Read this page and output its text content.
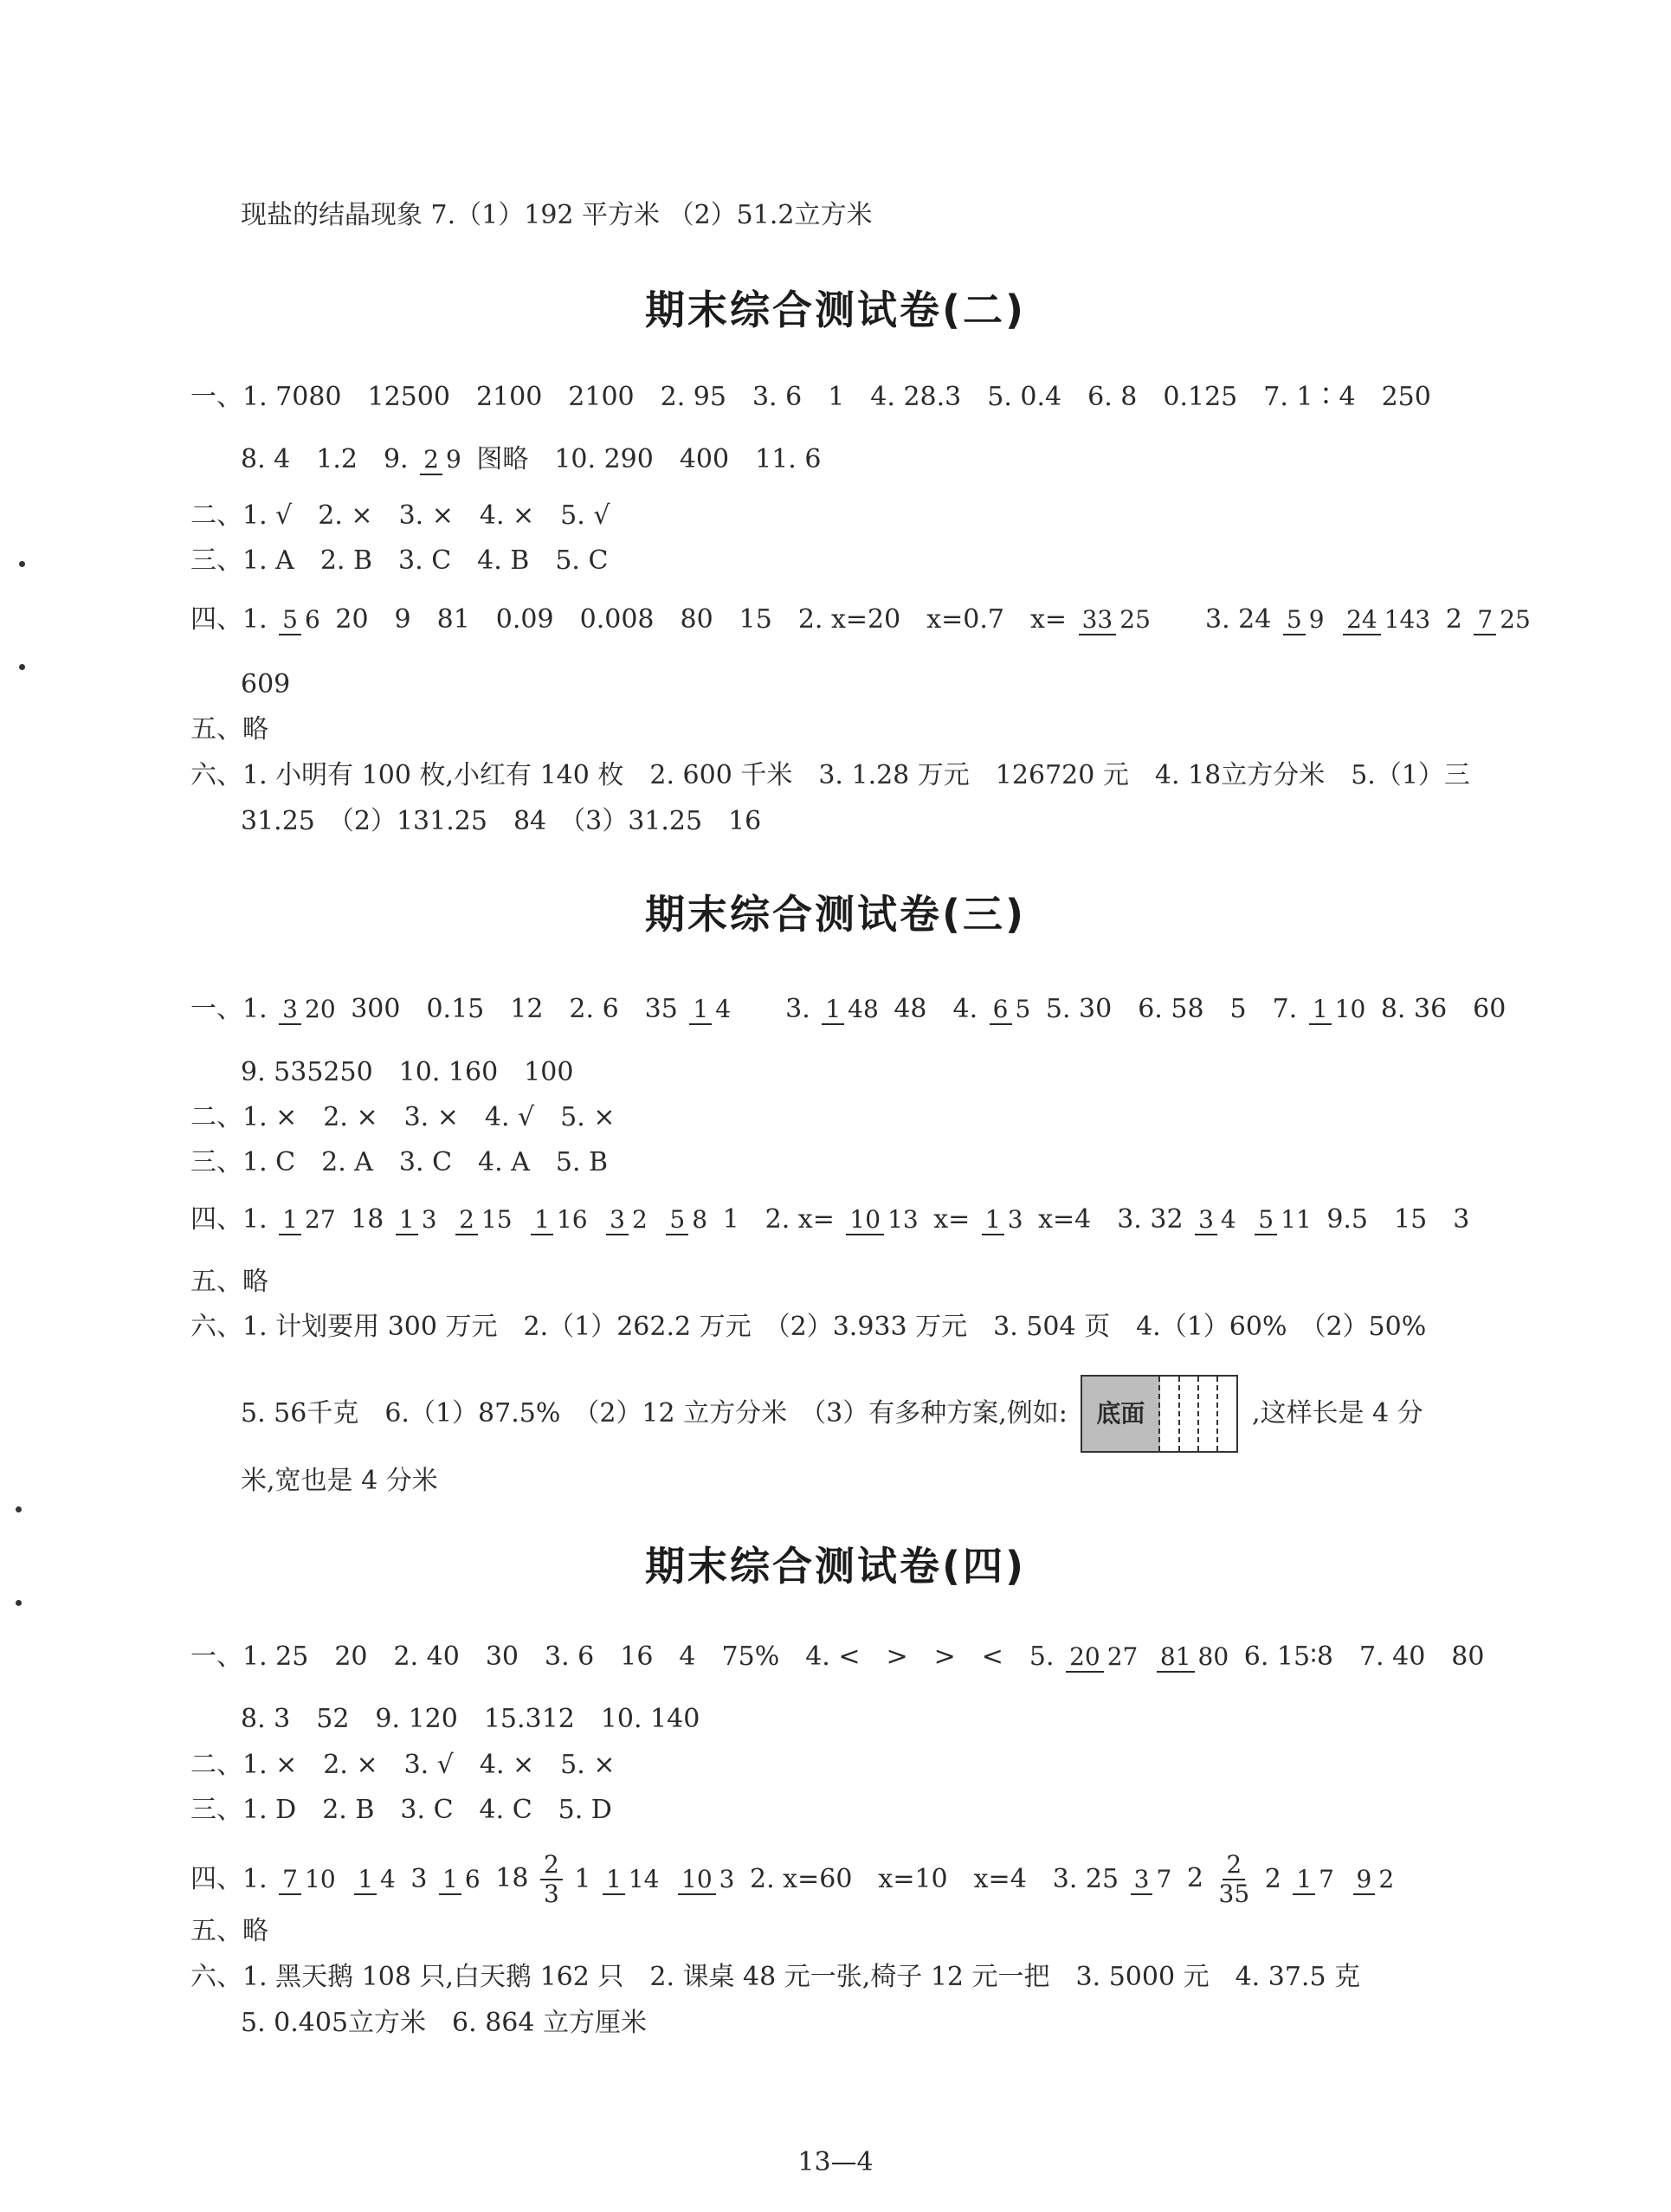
现盐的结晶现象 7.（1）192 平方米 （2）51.2立方米
期末综合测试卷(二)
一、1. 7080　12500　2100　2100　2. 95　3. 6　1　4. 28.3　5. 0.4　6. 8　0.125　7. 1∶4　250
8. 4　1.2　9. 2 9 图略　10. 290　400　11. 6
二、1. √　2. ×　3. ×　4. ×　5. √
三、1. A　2. B　3. C　4. B　5. C
四、1. 5 6 20　9　81　0.09　0.008　80　15　2. x=20　x=0.7　x= 33 25 3. 24 5 9 24 143 2 7 25
609
五、略
六、1. 小明有 100 枚,小红有 140 枚　2. 600 千米　3. 1.28 万元　126720 元　4. 18立方分米　5.（1）三
31.25　（2）131.25　84　（3）31.25　16
期末综合测试卷(三)
一、1. 3 20 300　0.15　12　2. 6　35 1 4 3. 1 48 48　4. 6 5 5. 30　6. 58　5　7. 1 10 8. 36　60
9. 535250　10. 160　100
二、1. ×　2. ×　3. ×　4. √　5. ×
三、1. C　2. A　3. C　4. A　5. B
四、1. 1 27 18 1 3 2 15 1 16 3 2 5 8 1　2. x= 10 13 x= 1 3 x=4　3. 32 3 4 5 11 9.5　15　3
五、略
六、1. 计划要用 300 万元　2.（1）262.2 万元　（2）3.933 万元　3. 504 页　4.（1）60%　（2）50%
5. 56千克　6.（1）87.5%　（2）12 立方分米　（3）有多种方案,例如:	底面	,这样长是 4 分
米,宽也是 4 分米
期末综合测试卷(四)
一、1. 25　20　2. 40　30　3. 6　16　4　75%　4. <　>　>　<　5. 20 27 81 80 6. 15∶8　7. 40　80
8. 3　52　9. 120　15.312　10. 140
二、1. ×　2. ×　3. √　4. ×　5. ×
三、1. D　2. B　3. C　4. C　5. D
四、1. 7 10 1 4 3 1 6 $18 \frac{2}{3} 1$ 1 14 10 3 2. x=60　x=10　x=4　3. 25 3 7 $2 \frac{2}{35} 2$ 1 7 9 2
五、略
六、1. 黑天鹅 108 只,白天鹅 162 只　2. 课桌 48 元一张,椅子 12 元一把　3. 5000 元　4. 37.5 克
5. 0.405立方米　6. 864 立方厘米
13—4
